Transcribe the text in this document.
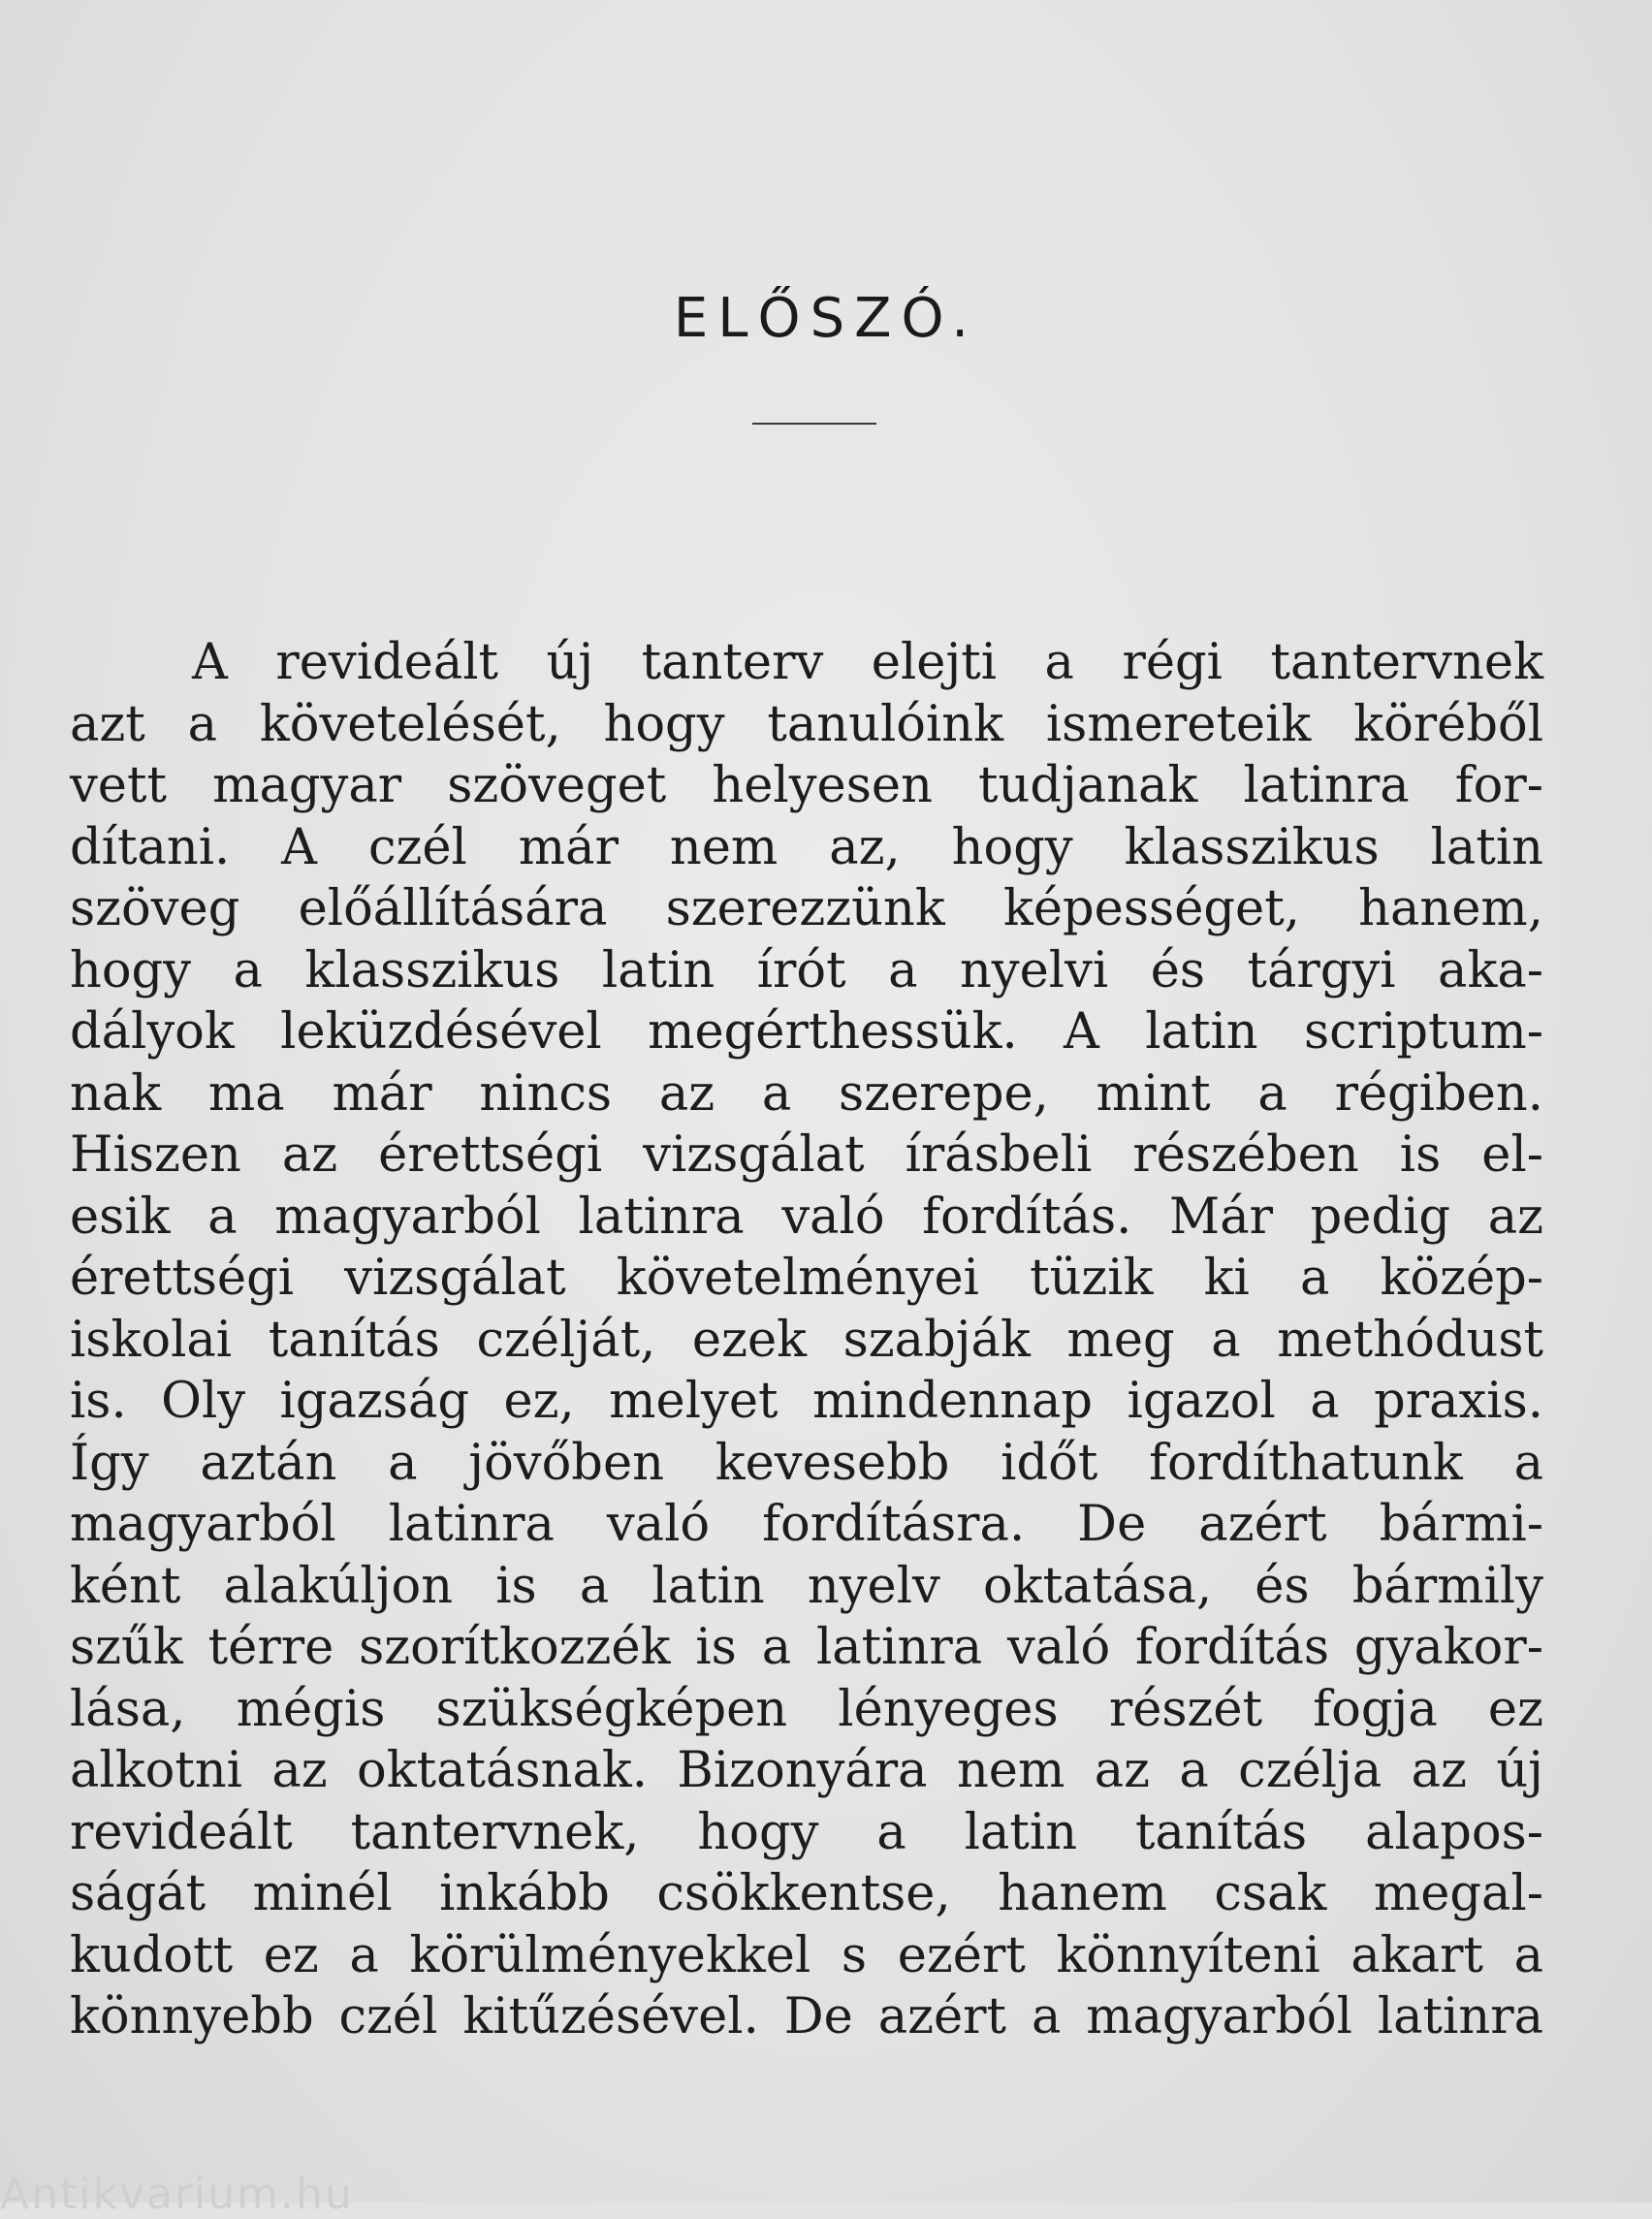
ELŐSZÓ.
A revideált új tanterv elejti a régi tantervnek
azt a követelését, hogy tanulóink ismereteik köréből
vett magyar szöveget helyesen tudjanak latinra for-
dítani. A czél már nem az, hogy klasszikus latin
szöveg előállítására szerezzünk képességet, hanem,
hogy a klasszikus latin írót a nyelvi és tárgyi aka-
dályok leküzdésével megérthessük. A latin scriptum-
nak ma már nincs az a szerepe, mint a régiben.
Hiszen az érettségi vizsgálat írásbeli részében is el-
esik a magyarból latinra való fordítás. Már pedig az
érettségi vizsgálat követelményei tüzik ki a közép-
iskolai tanítás czélját, ezek szabják meg a methódust
is. Oly igazság ez, melyet mindennap igazol a praxis.
Így aztán a jövőben kevesebb időt fordíthatunk a
magyarból latinra való fordításra. De azért bármi-
ként alakúljon is a latin nyelv oktatása, és bármily
szűk térre szorítkozzék is a latinra való fordítás gyakor-
lása, mégis szükségképen lényeges részét fogja ez
alkotni az oktatásnak. Bizonyára nem az a czélja az új
revideált tantervnek, hogy a latin tanítás alapos-
ságát minél inkább csökkentse, hanem csak megal-
kudott ez a körülményekkel s ezért könnyíteni akart a
könnyebb czél kitűzésével. De azért a magyarból latinra
Antikvarium.hu
